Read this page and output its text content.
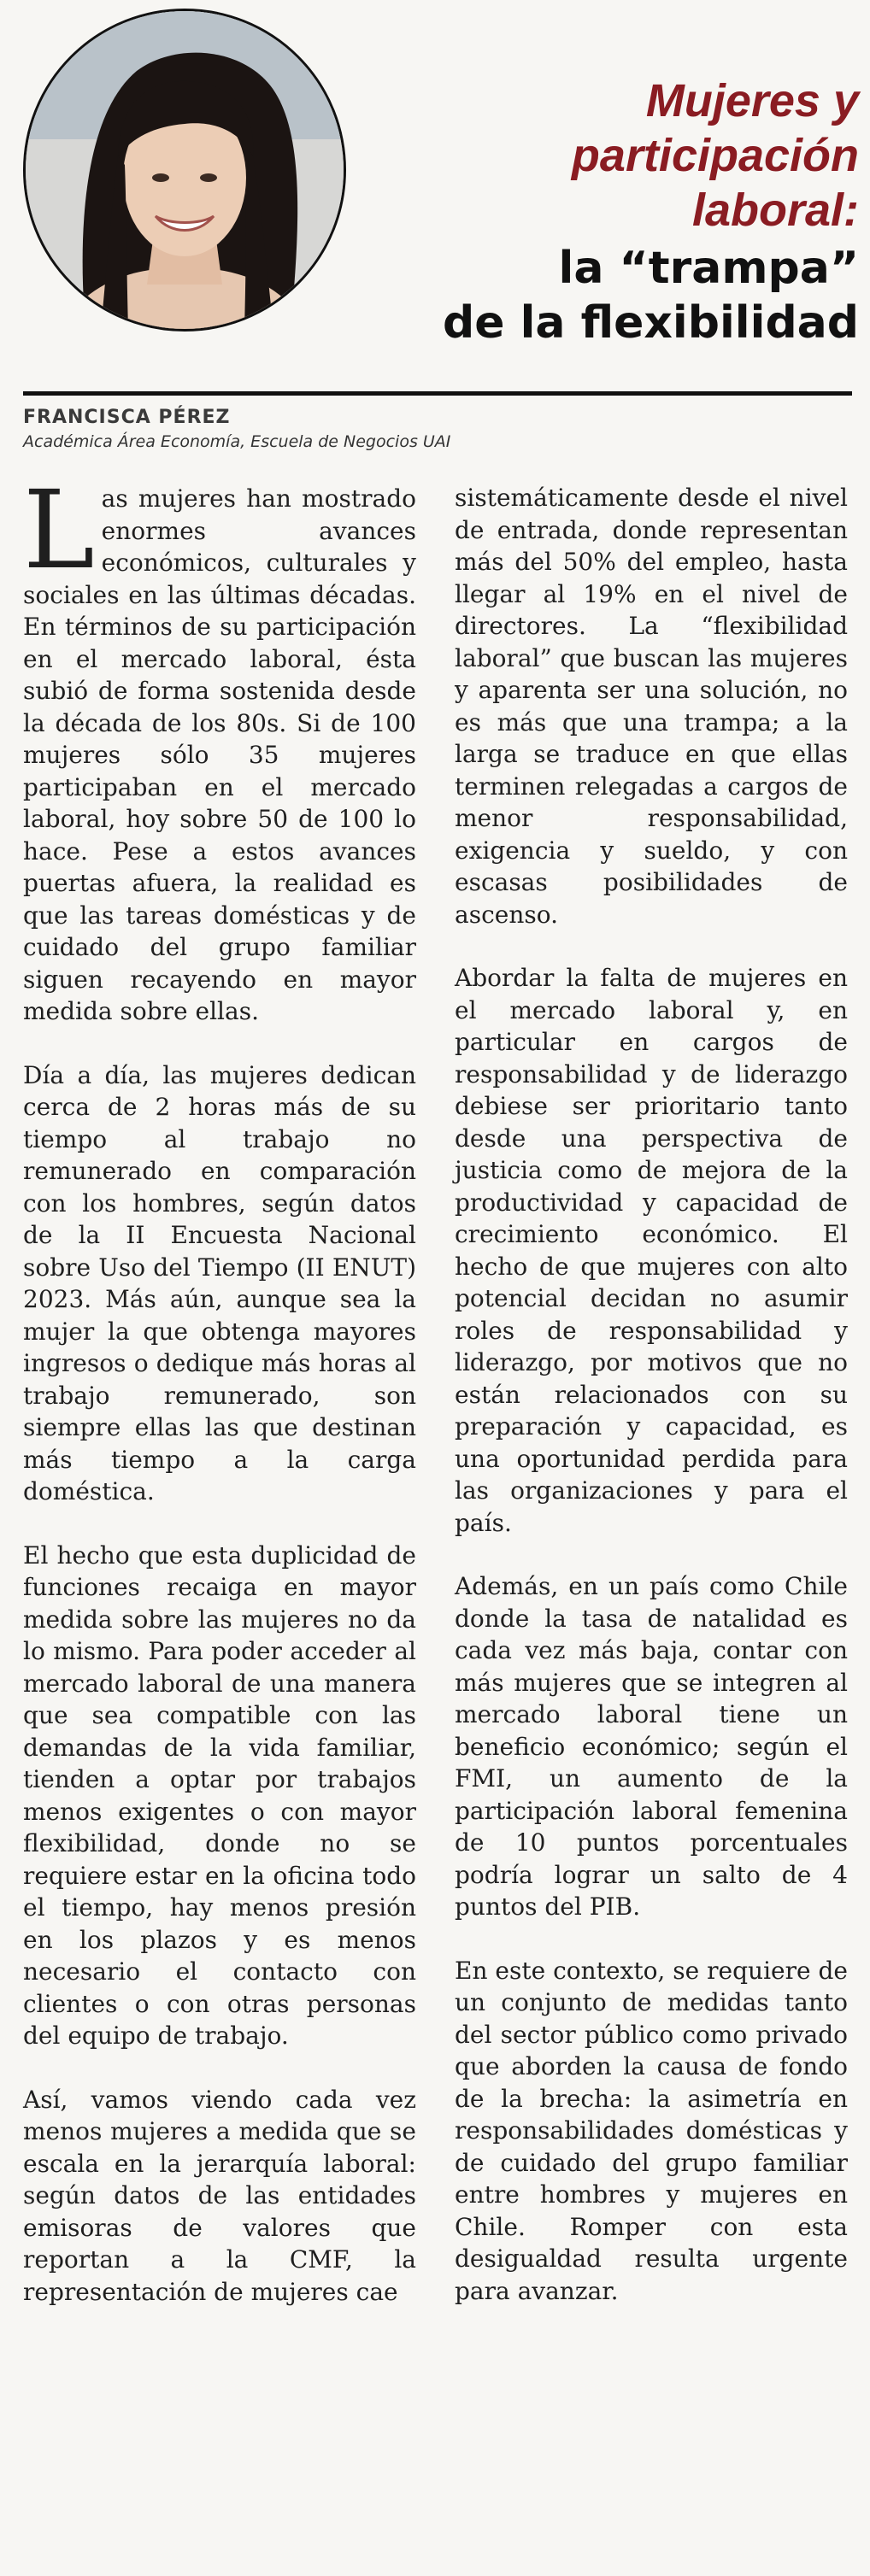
Mujeres y
participación
laboral:
la “trampa”
de la flexibilidad
FRANCISCA PÉREZ
Académica Área Economía, Escuela de Negocios UAI

Las mujeres han mostrado enormes avances económicos, culturales y sociales en las últimas décadas. En términos de su participación en el mercado laboral, ésta subió de forma sostenida desde la década de los 80s. Si de 100 mujeres sólo 35 mujeres participaban en el mercado laboral, hoy sobre 50 de 100 lo hace. Pese a estos avances puertas afuera, la realidad es que las tareas domésticas y de cuidado del grupo familiar siguen recayendo en mayor medida sobre ellas.

Día a día, las mujeres dedican cerca de 2 horas más de su tiempo al trabajo no remunerado en comparación con los hombres, según datos de la II Encuesta Nacional sobre Uso del Tiempo (II ENUT) 2023. Más aún, aunque sea la mujer la que obtenga mayores ingresos o dedique más horas al trabajo remunerado, son siempre ellas las que destinan más tiempo a la carga doméstica.

El hecho que esta duplicidad de funciones recaiga en mayor medida sobre las mujeres no da lo mismo. Para poder acceder al mercado laboral de una manera que sea compatible con las demandas de la vida familiar, tienden a optar por trabajos menos exigentes o con mayor flexibilidad, donde no se requiere estar en la oficina todo el tiempo, hay menos presión en los plazos y es menos necesario el contacto con clientes o con otras personas del equipo de trabajo.

Así, vamos viendo cada vez menos mujeres a medida que se escala en la jerarquía laboral: según datos de las entidades emisoras de valores que reportan a la CMF, la representación de mujeres cae

sistemáticamente desde el nivel de entrada, donde representan más del 50% del empleo, hasta llegar al 19% en el nivel de directores. La “flexibilidad laboral” que buscan las mujeres y aparenta ser una solución, no es más que una trampa; a la larga se traduce en que ellas terminen relegadas a cargos de menor responsabilidad, exigencia y sueldo, y con escasas posibilidades de ascenso.

Abordar la falta de mujeres en el mercado laboral y, en particular en cargos de responsabilidad y de liderazgo debiese ser prioritario tanto desde una perspectiva de justicia como de mejora de la productividad y capacidad de crecimiento económico. El hecho de que mujeres con alto potencial decidan no asumir roles de responsabilidad y liderazgo, por motivos que no están relacionados con su preparación y capacidad, es una oportunidad perdida para las organizaciones y para el país.

Además, en un país como Chile donde la tasa de natalidad es cada vez más baja, contar con más mujeres que se integren al mercado laboral tiene un beneficio económico; según el FMI, un aumento de la participación laboral femenina de 10 puntos porcentuales podría lograr un salto de 4 puntos del PIB.

En este contexto, se requiere de un conjunto de medidas tanto del sector público como privado que aborden la causa de fondo de la brecha: la asimetría en responsabilidades domésticas y de cuidado del grupo familiar entre hombres y mujeres en Chile. Romper con esta desigualdad resulta urgente para avanzar.
